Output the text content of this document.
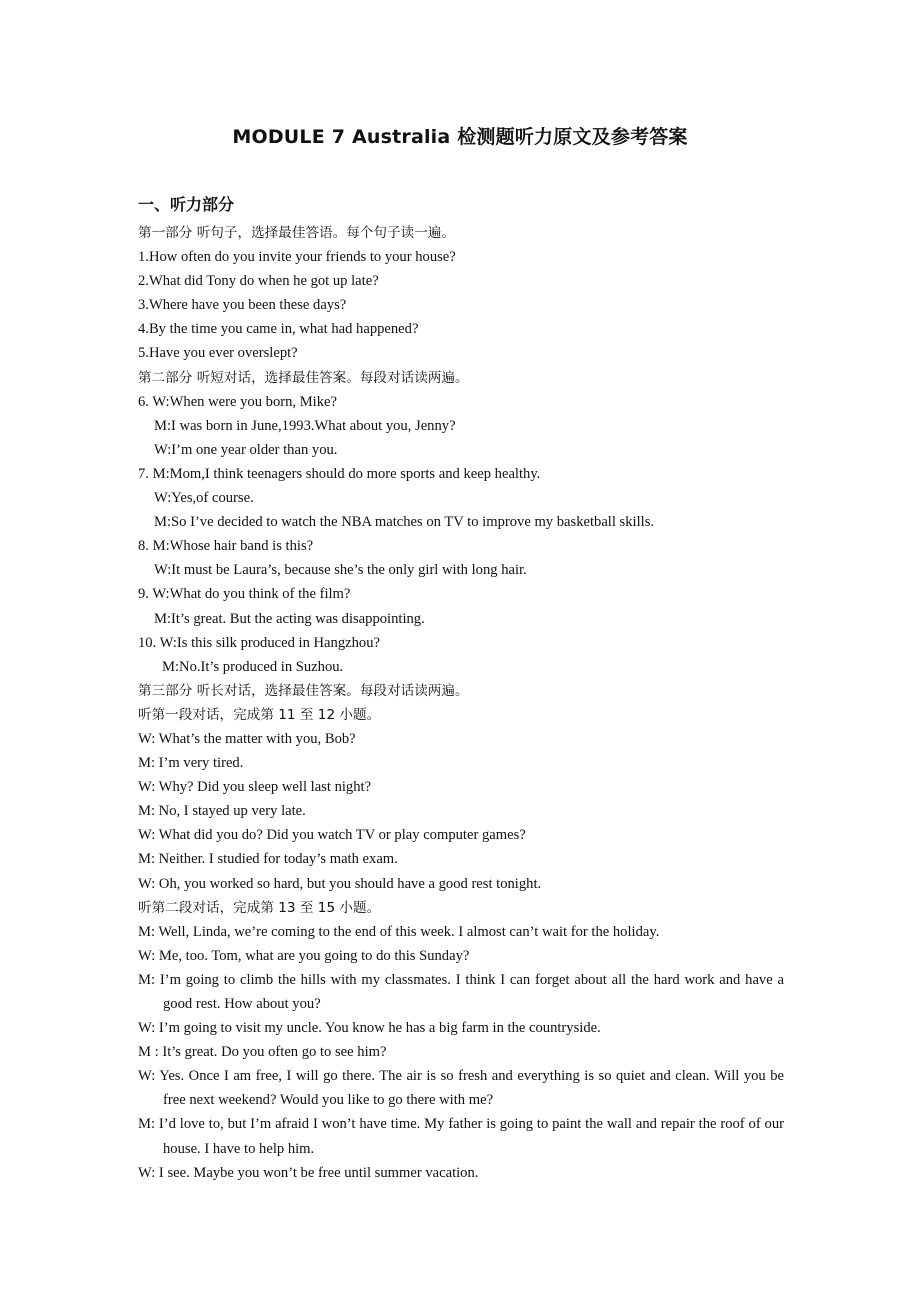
MODULE 7 Australia 检测题听力原文及参考答案
一、听力部分
第一部分 听句子，选择最佳答语。每个句子读一遍。
1.How often do you invite your friends to your house?
2.What did Tony do when he got up late?
3.Where have you been these days?
4.By the time you came in, what had happened?
5.Have you ever overslept?
第二部分 听短对话，选择最佳答案。每段对话读两遍。
6. W:When were you born, Mike?
M:I was born in June,1993.What about you, Jenny?
W:I’m one year older than you.
7. M:Mom,I think teenagers should do more sports and keep healthy.
W:Yes,of course.
M:So I’ve decided to watch the NBA matches on TV to improve my basketball skills.
8. M:Whose hair band is this?
W:It must be Laura’s, because she’s the only girl with long hair.
9. W:What do you think of the film?
M:It’s great. But the acting was disappointing.
10. W:Is this silk produced in Hangzhou?
M:No.It’s produced in Suzhou.
第三部分 听长对话，选择最佳答案。每段对话读两遍。
听第一段对话，完成第 11 至 12 小题。
W: What’s the matter with you, Bob?
M: I’m very tired.
W: Why? Did you sleep well last night?
M: No, I stayed up very late.
W: What did you do? Did you watch TV or play computer games?
M: Neither. I studied for today’s math exam.
W: Oh, you worked so hard, but you should have a good rest tonight.
听第二段对话，完成第 13 至 15 小题。
M: Well, Linda, we’re coming to the end of this week. I almost can’t wait for the holiday.
W: Me, too. Tom, what are you going to do this Sunday?
M: I’m going to climb the hills with my classmates. I think I can forget about all the hard work and have a good rest. How about you?
W: I’m going to visit my uncle. You know he has a big farm in the countryside.
M : It’s great. Do you often go to see him?
W: Yes. Once I am free, I will go there. The air is so fresh and everything is so quiet and clean. Will you be free next weekend? Would you like to go there with me?
M: I’d love to, but I’m afraid I won’t have time. My father is going to paint the wall and repair the roof of our house. I have to help him.
W: I see. Maybe you won’t be free until summer vacation.
